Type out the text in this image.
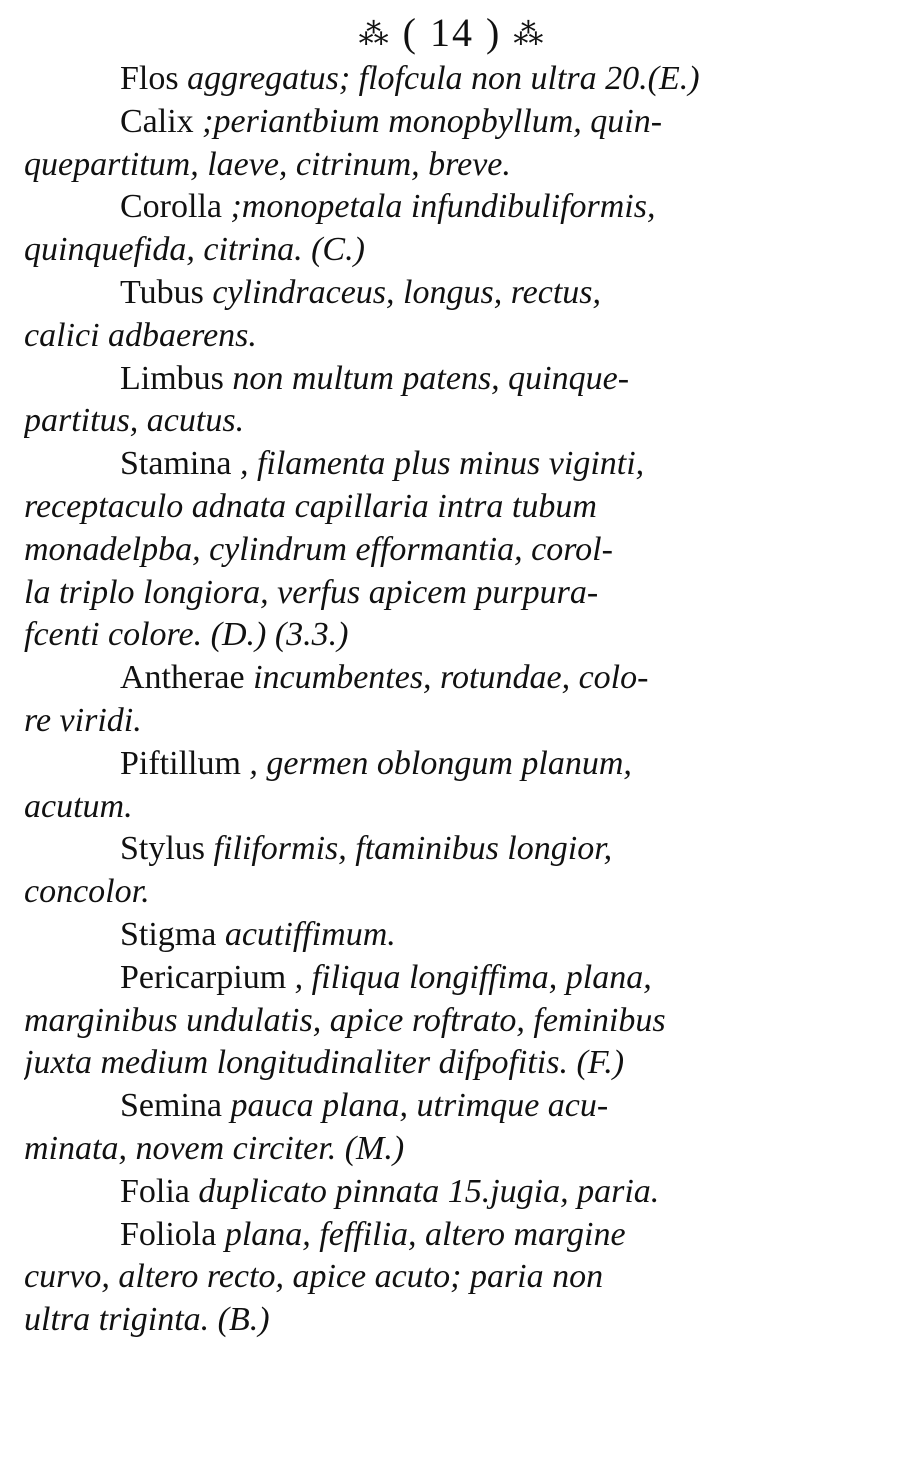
⁂ ( 14 ) ⁂
Flos aggregatus; flofcula non ultra 20.(E.)
Calix ;periantbium monopbyllum, quin-
quepartitum, laeve, citrinum, breve.
Corolla ;monopetala infundibuliformis,
quinquefida, citrina. (C.)
Tubus cylindraceus, longus, rectus,
calici adbaerens.
Limbus non multum patens, quinque-
partitus, acutus.
Stamina , filamenta plus minus viginti,
receptaculo adnata capillaria intra tubum
monadelpba, cylindrum efformantia, corol-
la triplo longiora, verfus apicem purpura-
fcenti colore. (D.) (3.3.)
Antherae incumbentes, rotundae, colo-
re viridi.
Piftillum , germen oblongum planum,
acutum.
Stylus filiformis, ftaminibus longior,
concolor.
Stigma acutiffimum.
Pericarpium , filiqua longiffima, plana,
marginibus undulatis, apice roftrato, feminibus
juxta medium longitudinaliter difpofitis. (F.)
Semina pauca plana, utrimque acu-
minata, novem circiter. (M.)
Folia duplicato pinnata 15.jugia, paria.
Foliola plana, feffilia, altero margine
curvo, altero recto, apice acuto; paria non
ultra triginta. (B.)
